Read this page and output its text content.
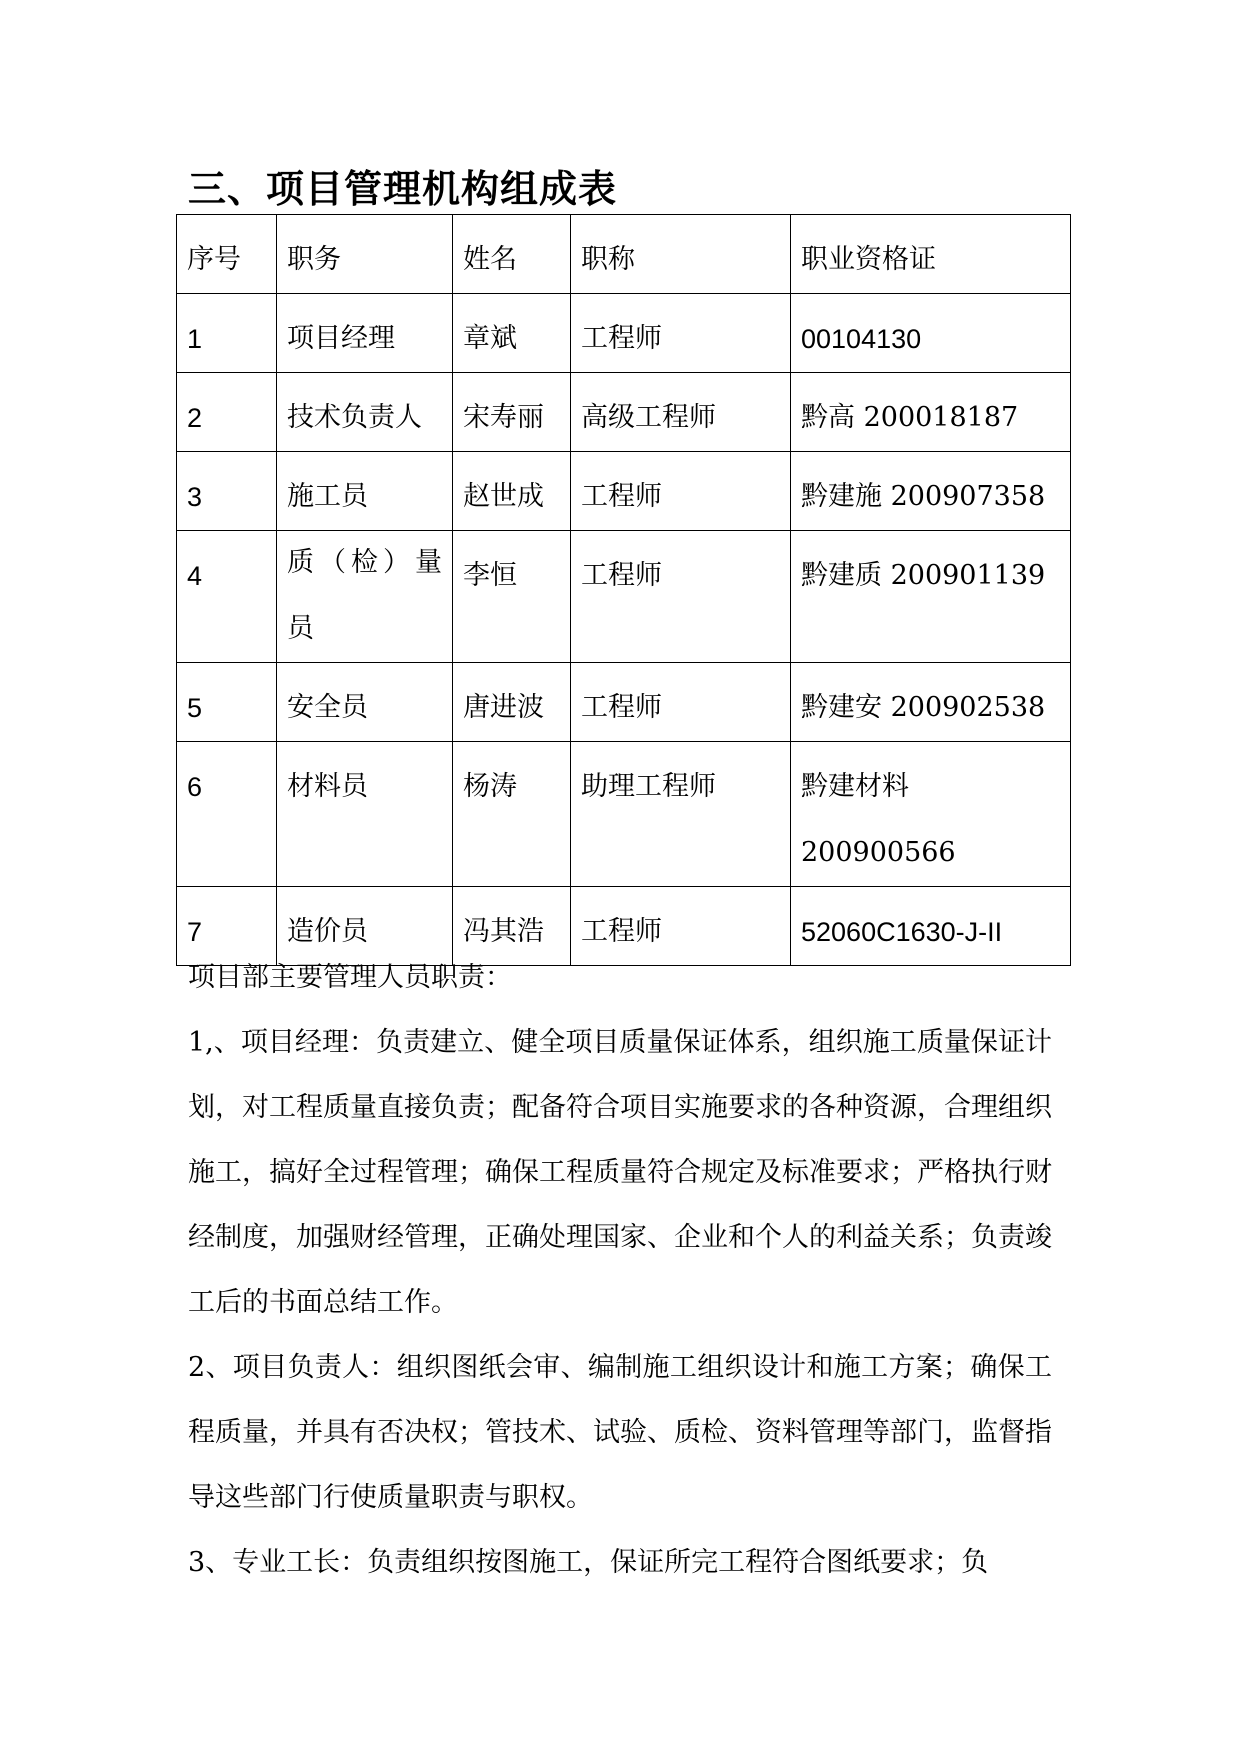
三、项目管理机构组成表
序号	职务	姓名	职称	职业资格证
1	项目经理	章斌	工程师	00104130
2	技术负责人	宋寿丽	高级工程师	黔高 200018187
3	施工员	赵世成	工程师	黔建施 200907358
4	质（检）量员	李恒	工程师	黔建质 200901139
5	安全员	唐进波	工程师	黔建安 200902538
6	材料员	杨涛	助理工程师	黔建材料 200900566
7	造价员	冯其浩	工程师	52060C1630-J-II

项目部主要管理人员职责：

1,、项目经理：负责建立、健全项目质量保证体系，组织施工质量保证计划，对工程质量直接负责；配备符合项目实施要求的各种资源，合理组织施工，搞好全过程管理；确保工程质量符合规定及标准要求；严格执行财经制度，加强财经管理，正确处理国家、企业和个人的利益关系；负责竣工后的书面总结工作。

2、项目负责人：组织图纸会审、编制施工组织设计和施工方案；确保工程质量，并具有否决权；管技术、试验、质检、资料管理等部门，监督指导这些部门行使质量职责与职权。

3、专业工长：负责组织按图施工，保证所完工程符合图纸要求；负
